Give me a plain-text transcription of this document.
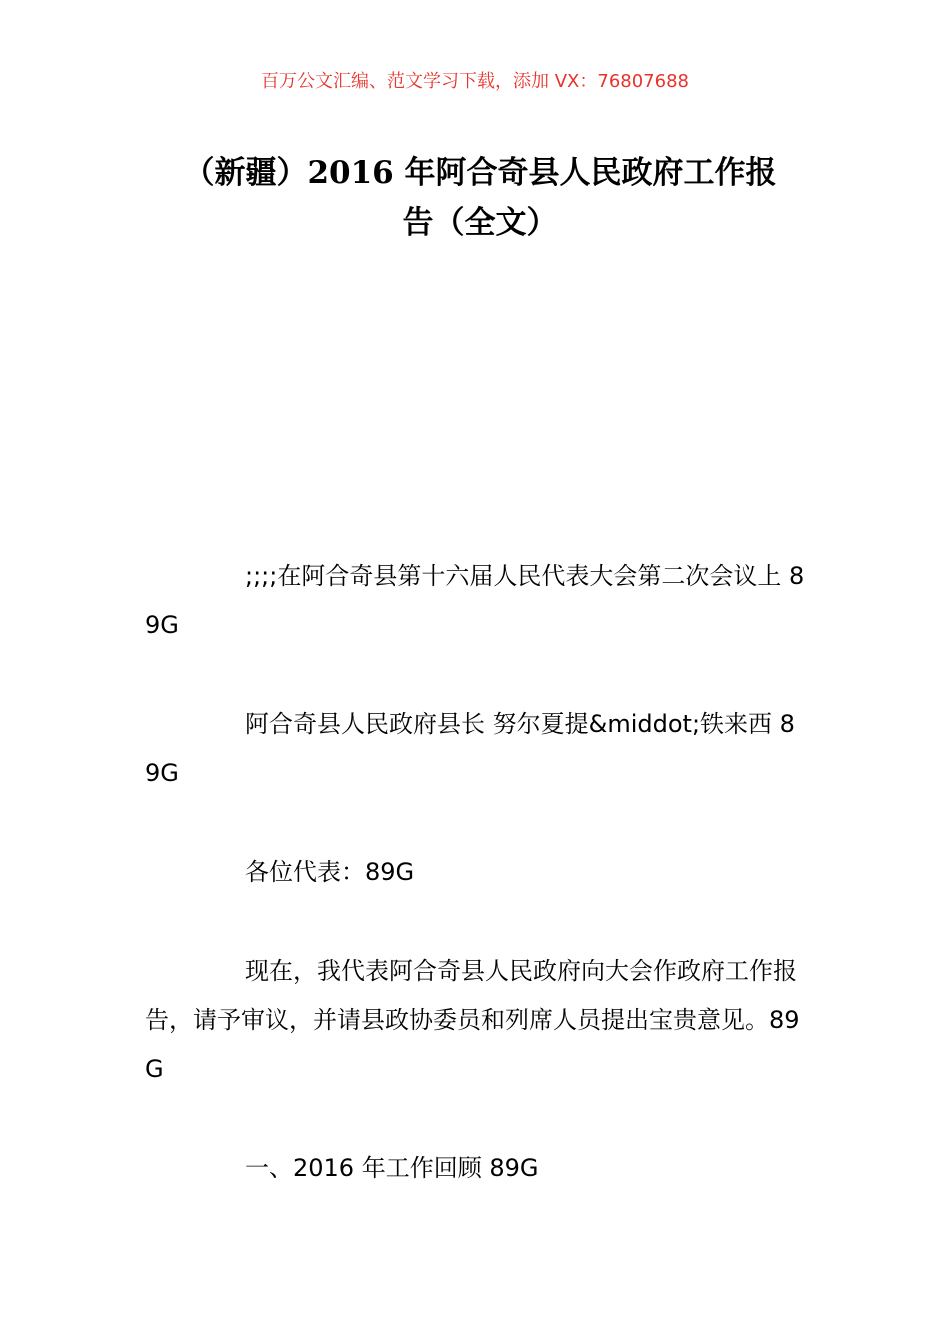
百万公文汇编、范文学习下载，添加 VX：76807688
（新疆）2016 年阿合奇县人民政府工作报
告（全文）

;;;;在阿合奇县第十六届人民代表大会第二次会议上 89G

阿合奇县人民政府县长 努尔夏提&middot;铁来西 89G

各位代表：89G

现在，我代表阿合奇县人民政府向大会作政府工作报告，请予审议，并请县政协委员和列席人员提出宝贵意见。89G

一、2016 年工作回顾 89G
